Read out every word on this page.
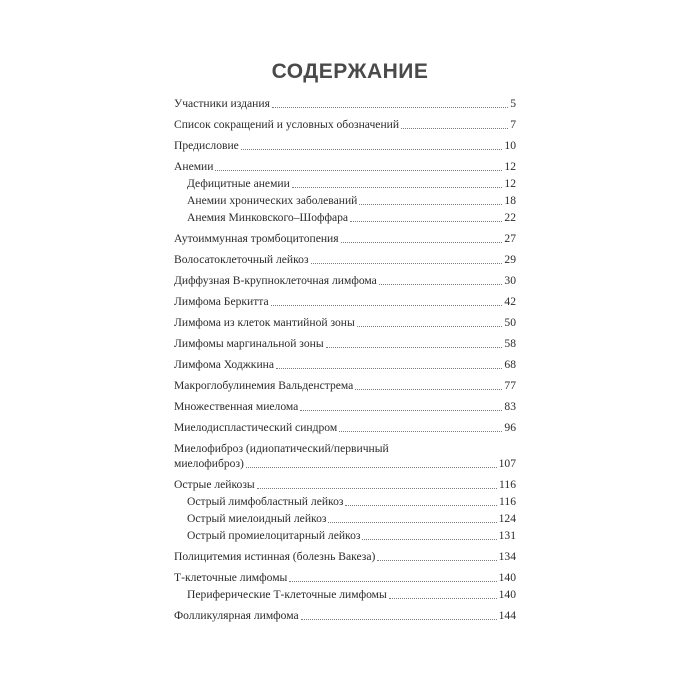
СОДЕРЖАНИЕ
Участники издания	5
Список сокращений и условных обозначений	7
Предисловие	10
Анемии	12
Дефицитные анемии	12
Анемии хронических заболеваний	18
Анемия Минковского–Шоффара	22
Аутоиммунная тромбоцитопения	27
Волосатоклеточный лейкоз	29
Диффузная В-крупноклеточная лимфома	30
Лимфома Беркитта	42
Лимфома из клеток мантийной зоны	50
Лимфомы маргинальной зоны	58
Лимфома Ходжкина	68
Макроглобулинемия Вальденстрема	77
Множественная миелома	83
Миелодиспластический синдром	96
Миелофиброз (идиопатический/первичный
миелофиброз)	107
Острые лейкозы	116
Острый лимфобластный лейкоз	116
Острый миелоидный лейкоз	124
Острый промиелоцитарный лейкоз	131
Полицитемия истинная (болезнь Вакеза)	134
Т-клеточные лимфомы	140
Периферические Т-клеточные лимфомы	140
Фолликулярная лимфома	144
